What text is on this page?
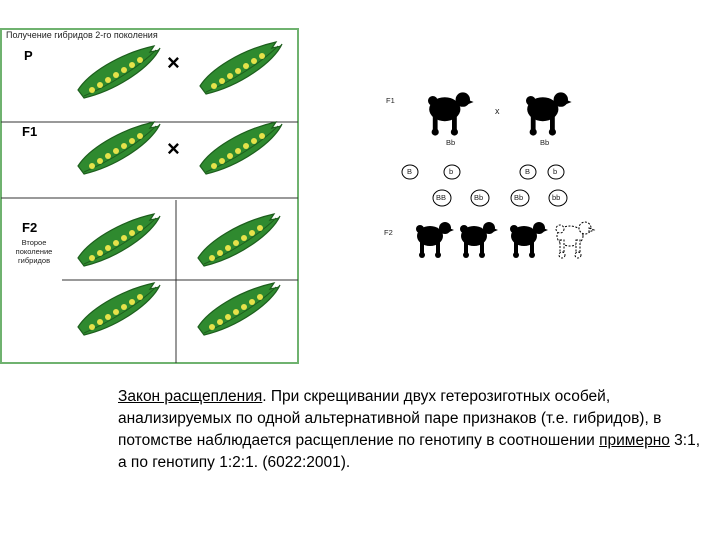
×
×
Получение гибридов 2-го поколения
P
F1
F2
Второе поколение гибридов
F1
x
Bb	Bb
B	b	B	b
BB	Bb	Bb	bb
F2
Закон расщепления. При скрещивании двух гетерозиготных особей, анализируемых по одной альтернативной паре признаков (т.е. гибридов), в потомстве наблюдается расщепление по генотипу в соотношении примерно 3:1, а по генотипу 1:2:1. (6022:2001).
